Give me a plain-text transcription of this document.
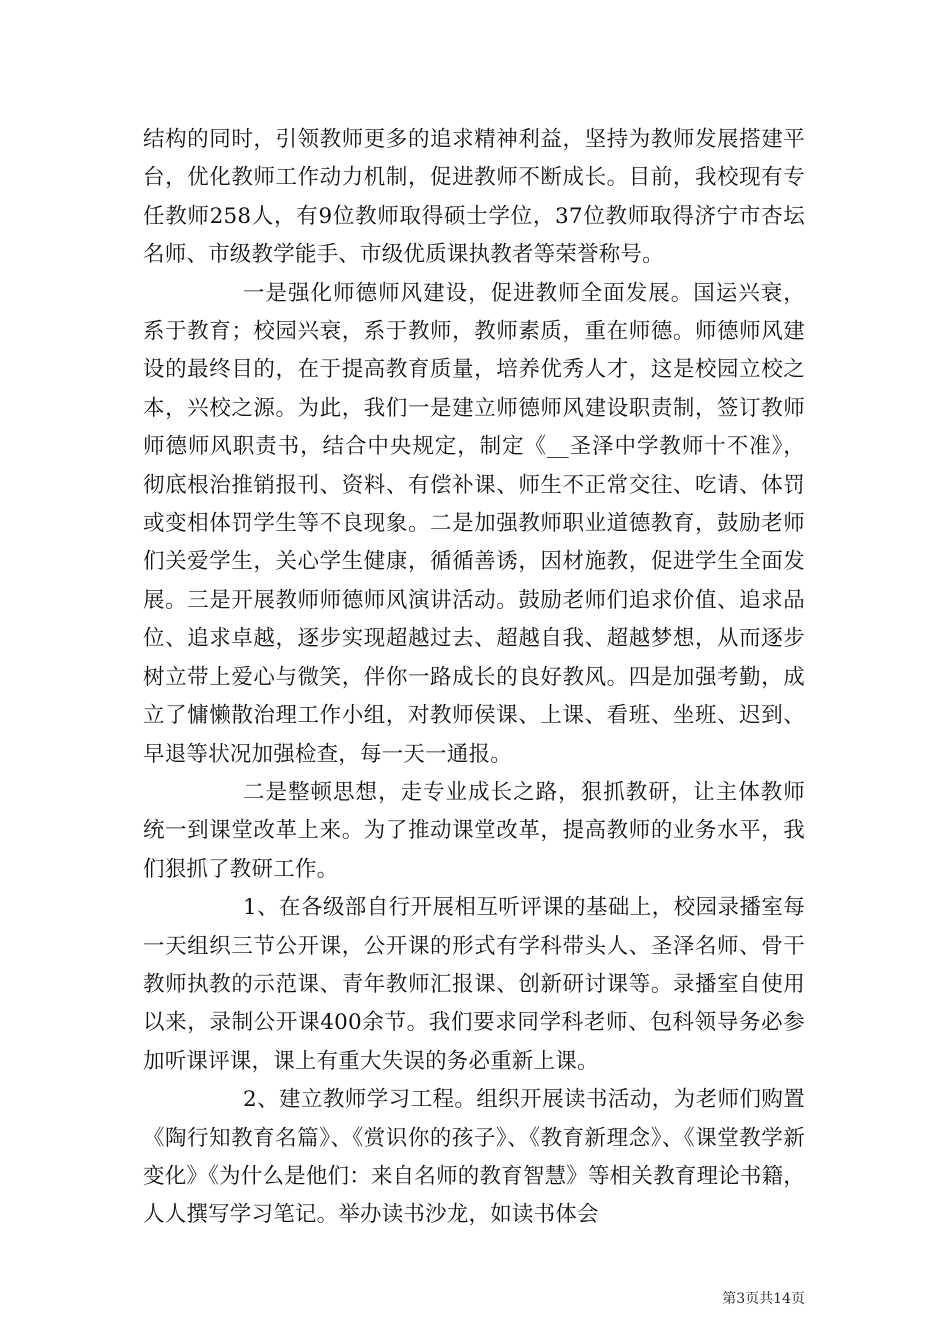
结构的同时，引领教师更多的追求精神利益，坚持为教师发展搭建平台，优化教师工作动力机制，促进教师不断成长。目前，我校现有专任教师258人，有9位教师取得硕士学位，37位教师取得济宁市杏坛名师、市级教学能手、市级优质课执教者等荣誉称号。

一是强化师德师风建设，促进教师全面发展。国运兴衰，系于教育；校园兴衰，系于教师，教师素质，重在师德。师德师风建设的最终目的，在于提高教育质量，培养优秀人才，这是校园立校之本，兴校之源。为此，我们一是建立师德师风建设职责制，签订教师师德师风职责书，结合中央规定，制定《__圣泽中学教师十不准》，彻底根治推销报刊、资料、有偿补课、师生不正常交往、吃请、体罚或变相体罚学生等不良现象。二是加强教师职业道德教育，鼓励老师们关爱学生，关心学生健康，循循善诱，因材施教，促进学生全面发展。三是开展教师师德师风演讲活动。鼓励老师们追求价值、追求品位、追求卓越，逐步实现超越过去、超越自我、超越梦想，从而逐步树立带上爱心与微笑，伴你一路成长的良好教风。四是加强考勤，成立了慵懒散治理工作小组，对教师侯课、上课、看班、坐班、迟到、早退等状况加强检查，每一天一通报。

二是整顿思想，走专业成长之路，狠抓教研，让主体教师统一到课堂改革上来。为了推动课堂改革，提高教师的业务水平，我们狠抓了教研工作。

1、在各级部自行开展相互听评课的基础上，校园录播室每一天组织三节公开课，公开课的形式有学科带头人、圣泽名师、骨干教师执教的示范课、青年教师汇报课、创新研讨课等。录播室自使用以来，录制公开课400余节。我们要求同学科老师、包科领导务必参加听课评课，课上有重大失误的务必重新上课。

2、建立教师学习工程。组织开展读书活动，为老师们购置《陶行知教育名篇》、《赏识你的孩子》、《教育新理念》、《课堂教学新变化》《为什么是他们：来自名师的教育智慧》等相关教育理论书籍，人人撰写学习笔记。举办读书沙龙，如读书体会

第3页共14页
